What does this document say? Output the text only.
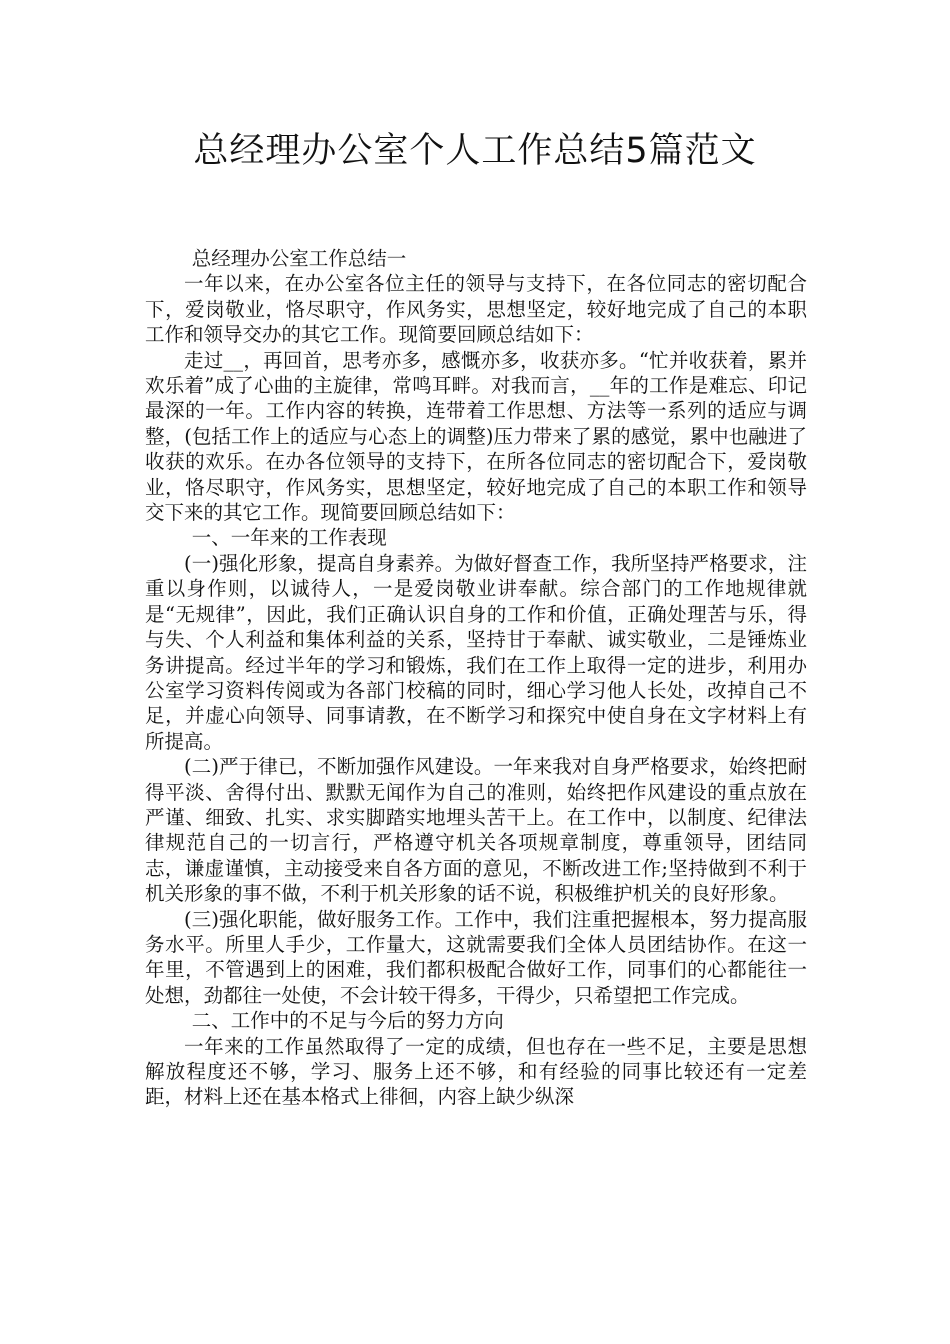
总经理办公室个人工作总结5篇范文

总经理办公室工作总结一

一年以来，在办公室各位主任的领导与支持下，在各位同志的密切配合下，爱岗敬业，恪尽职守，作风务实，思想坚定，较好地完成了自己的本职工作和领导交办的其它工作。现简要回顾总结如下：

走过__，再回首，思考亦多，感慨亦多，收获亦多。“忙并收获着，累并欢乐着”成了心曲的主旋律，常鸣耳畔。对我而言，__年的工作是难忘、印记最深的一年。工作内容的转换，连带着工作思想、方法等一系列的适应与调整，(包括工作上的适应与心态上的调整)压力带来了累的感觉，累中也融进了收获的欢乐。在办各位领导的支持下，在所各位同志的密切配合下，爱岗敬业，恪尽职守，作风务实，思想坚定，较好地完成了自己的本职工作和领导交下来的其它工作。现简要回顾总结如下：

一、一年来的工作表现

(一)强化形象，提高自身素养。为做好督查工作，我所坚持严格要求，注重以身作则，以诚待人，一是爱岗敬业讲奉献。综合部门的工作地规律就是“无规律”，因此，我们正确认识自身的工作和价值，正确处理苦与乐，得与失、个人利益和集体利益的关系，坚持甘于奉献、诚实敬业，二是锤炼业务讲提高。经过半年的学习和锻炼，我们在工作上取得一定的进步，利用办公室学习资料传阅或为各部门校稿的同时，细心学习他人长处，改掉自己不足，并虚心向领导、同事请教，在不断学习和探究中使自身在文字材料上有所提高。

(二)严于律已，不断加强作风建设。一年来我对自身严格要求，始终把耐得平淡、舍得付出、默默无闻作为自己的准则，始终把作风建设的重点放在严谨、细致、扎实、求实脚踏实地埋头苦干上。在工作中，以制度、纪律法律规范自己的一切言行，严格遵守机关各项规章制度，尊重领导，团结同志，谦虚谨慎，主动接受来自各方面的意见，不断改进工作;坚持做到不利于机关形象的事不做，不利于机关形象的话不说，积极维护机关的良好形象。

(三)强化职能，做好服务工作。工作中，我们注重把握根本，努力提高服务水平。所里人手少，工作量大，这就需要我们全体人员团结协作。在这一年里，不管遇到上的困难，我们都积极配合做好工作，同事们的心都能往一处想，劲都往一处使，不会计较干得多，干得少，只希望把工作完成。

二、工作中的不足与今后的努力方向

一年来的工作虽然取得了一定的成绩，但也存在一些不足，主要是思想解放程度还不够，学习、服务上还不够，和有经验的同事比较还有一定差距，材料上还在基本格式上徘徊，内容上缺少纵深
